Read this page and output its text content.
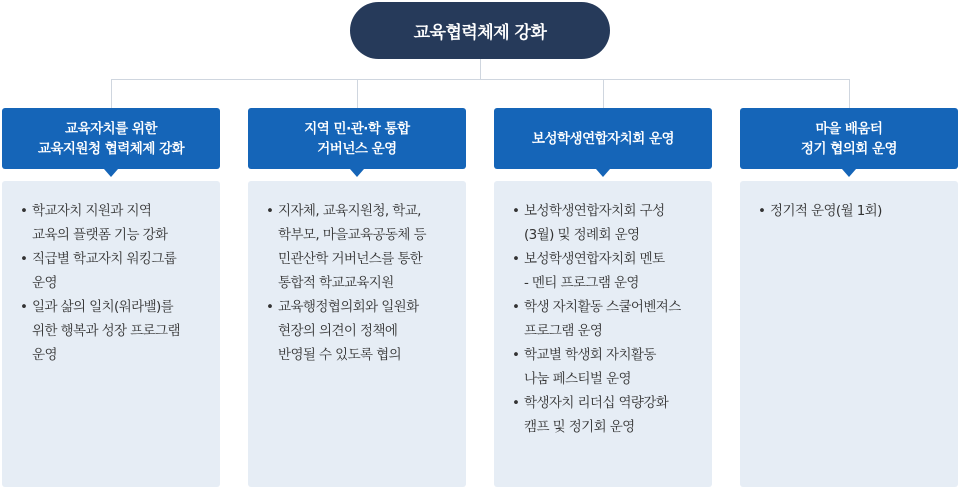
교육협력체제 강화
교육자치를 위한
교육지원청 협력체제 강화
• 학교자치 지원과 지역
교육의 플랫폼 기능 강화
• 직급별 학교자치 워킹그룹
운영
• 일과 삶의 일치(워라밸)를
위한 행복과 성장 프로그램
운영
지역 민·관·학 통합
거버넌스 운영
• 지자체, 교육지원청, 학교,
학부모, 마을교육공동체 등
민관산학 거버넌스를 통한
통합적 학교교육지원
• 교육행정협의회와 일원화
현장의 의견이 정책에
반영될 수 있도록 협의
보성학생연합자치회 운영
• 보성학생연합자치회 구성
(3월) 및 정례회 운영
• 보성학생연합자치회 멘토
- 멘티 프로그램 운영
• 학생 자치활동 스쿨어벤져스
프로그램 운영
• 학교별 학생회 자치활동
나눔 페스티벌 운영
• 학생자치 리더십 역량강화
캠프 및 정기회 운영
마을 배움터
정기 협의회 운영
• 정기적 운영(월 1회)
